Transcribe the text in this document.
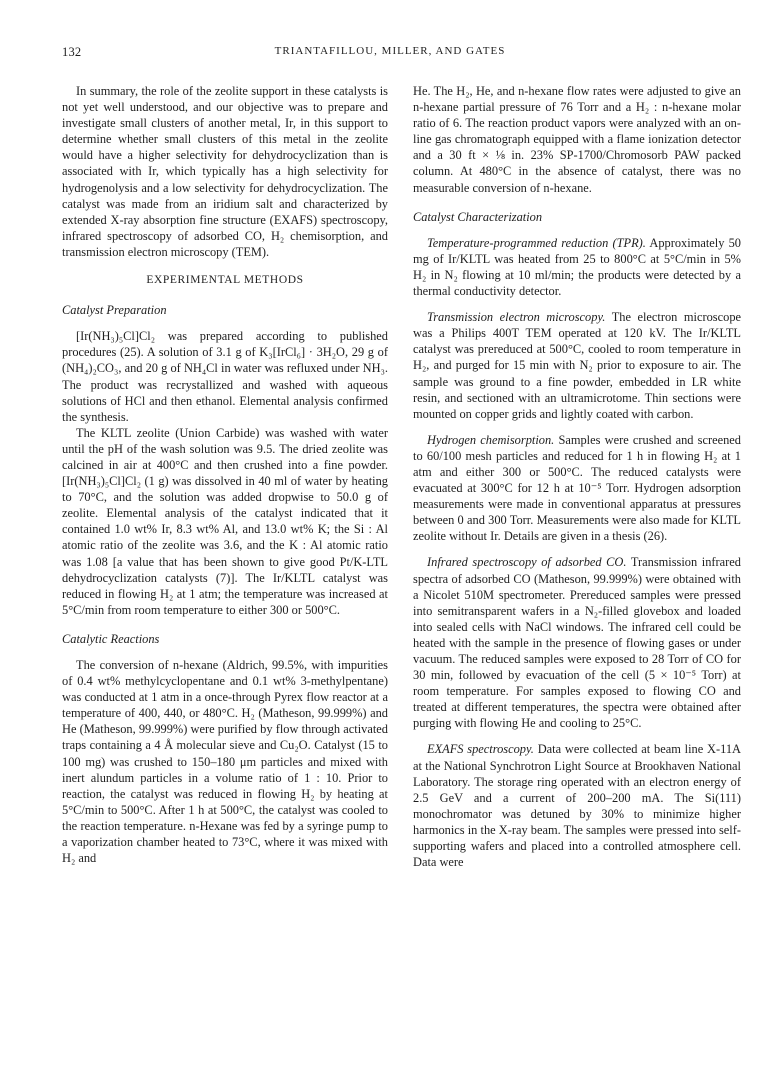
132	TRIANTAFILLOU, MILLER, AND GATES

In summary, the role of the zeolite support in these catalysts is not yet well understood, and our objective was to prepare and investigate small clusters of another metal, Ir, in this support to determine whether small clusters of this metal in the zeolite would have a higher selectivity for dehydrocyclization than is associated with Ir, which typically has a high selectivity for hydrogenolysis and a low selectivity for dehydrocyclization. The catalyst was made from an iridium salt and characterized by extended X-ray absorption fine structure (EXAFS) spectroscopy, infrared spectroscopy of adsorbed CO, H₂ chemisorption, and transmission electron microscopy (TEM).

EXPERIMENTAL METHODS
Catalyst Preparation

[Ir(NH₃)₅Cl]Cl₂ was prepared according to published procedures (25). A solution of 3.1 g of K₃[IrCl₆] · 3H₂O, 29 g of (NH₄)₂CO₃, and 20 g of NH₄Cl in water was refluxed under NH₃. The product was recrystallized and washed with aqueous solutions of HCl and then ethanol. Elemental analysis confirmed the synthesis.

The KLTL zeolite (Union Carbide) was washed with water until the pH of the wash solution was 9.5. The dried zeolite was calcined in air at 400°C and then crushed into a fine powder. [Ir(NH₃)₅Cl]Cl₂ (1 g) was dissolved in 40 ml of water by heating to 70°C, and the solution was added dropwise to 50.0 g of zeolite. Elemental analysis of the catalyst indicated that it contained 1.0 wt% Ir, 8.3 wt% Al, and 13.0 wt% K; the Si : Al atomic ratio of the zeolite was 3.6, and the K : Al atomic ratio was 1.08 [a value that has been shown to give good Pt/K-LTL dehydrocyclization catalysts (7)]. The Ir/KLTL catalyst was reduced in flowing H₂ at 1 atm; the temperature was increased at 5°C/min from room temperature to either 300 or 500°C.

Catalytic Reactions

The conversion of n-hexane (Aldrich, 99.5%, with impurities of 0.4 wt% methylcyclopentane and 0.1 wt% 3-methylpentane) was conducted at 1 atm in a once-through Pyrex flow reactor at a temperature of 400, 440, or 480°C. H₂ (Matheson, 99.999%) and He (Matheson, 99.999%) were purified by flow through activated traps containing a 4 Å molecular sieve and Cu₂O. Catalyst (15 to 100 mg) was crushed to 150–180 μm particles and mixed with inert alundum particles in a volume ratio of 1 : 10. Prior to reaction, the catalyst was reduced in flowing H₂ by heating at 5°C/min to 500°C. After 1 h at 500°C, the catalyst was cooled to the reaction temperature. n-Hexane was fed by a syringe pump to a vaporization chamber heated to 73°C, where it was mixed with H₂ and

He. The H₂, He, and n-hexane flow rates were adjusted to give an n-hexane partial pressure of 76 Torr and a H₂ : n-hexane molar ratio of 6. The reaction product vapors were analyzed with an on-line gas chromatograph equipped with a flame ionization detector and a 30 ft × ⅛ in. 23% SP-1700/Chromosorb PAW packed column. At 480°C in the absence of catalyst, there was no measurable conversion of n-hexane.

Catalyst Characterization

Temperature-programmed reduction (TPR). Approximately 50 mg of Ir/KLTL was heated from 25 to 800°C at 5°C/min in 5% H₂ in N₂ flowing at 10 ml/min; the products were detected by a thermal conductivity detector.

Transmission electron microscopy. The electron microscope was a Philips 400T TEM operated at 120 kV. The Ir/KLTL catalyst was prereduced at 500°C, cooled to room temperature in H₂, and purged for 15 min with N₂ prior to exposure to air. The sample was ground to a fine powder, embedded in LR white resin, and sectioned with an ultramicrotome. Thin sections were mounted on copper grids and lightly coated with carbon.

Hydrogen chemisorption. Samples were crushed and screened to 60/100 mesh particles and reduced for 1 h in flowing H₂ at 1 atm and either 300 or 500°C. The reduced catalysts were evacuated at 300°C for 12 h at 10⁻⁵ Torr. Hydrogen adsorption measurements were made in conventional apparatus at pressures between 0 and 300 Torr. Measurements were also made for KLTL zeolite without Ir. Details are given in a thesis (26).

Infrared spectroscopy of adsorbed CO. Transmission infrared spectra of adsorbed CO (Matheson, 99.999%) were obtained with a Nicolet 510M spectrometer. Prereduced samples were pressed into semitransparent wafers in a N₂-filled glovebox and loaded into sealed cells with NaCl windows. The infrared cell could be heated with the sample in the presence of flowing gases or under vacuum. The reduced samples were exposed to 28 Torr of CO for 30 min, followed by evacuation of the cell (5 × 10⁻⁵ Torr) at room temperature. For samples exposed to flowing CO and treated at different temperatures, the spectra were obtained after purging with flowing He and cooling to 25°C.

EXAFS spectroscopy. Data were collected at beam line X-11A at the National Synchrotron Light Source at Brookhaven National Laboratory. The storage ring operated with an electron energy of 2.5 GeV and a current of 200–200 mA. The Si(111) monochromator was detuned by 30% to minimize higher harmonics in the X-ray beam. The samples were pressed into self-supporting wafers and placed into a controlled atmosphere cell. Data were
